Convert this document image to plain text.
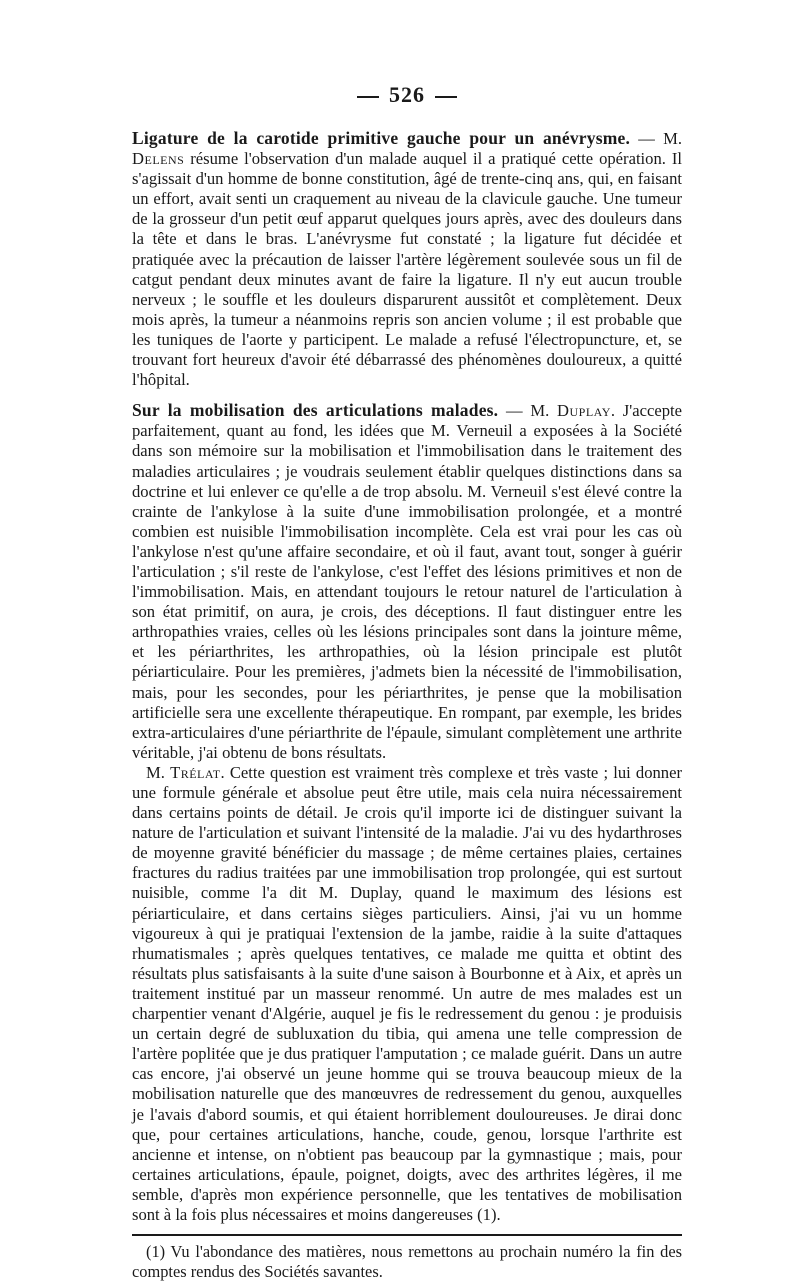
526

Ligature de la carotide primitive gauche pour un anévrysme. — M. Delens résume l'observation d'un malade auquel il a pratiqué cette opération. Il s'agissait d'un homme de bonne constitution, âgé de trente-cinq ans, qui, en faisant un effort, avait senti un craquement au niveau de la clavicule gauche. Une tumeur de la grosseur d'un petit œuf apparut quelques jours après, avec des douleurs dans la tête et dans le bras. L'anévrysme fut constaté ; la ligature fut décidée et pratiquée avec la précaution de laisser l'artère légèrement soulevée sous un fil de catgut pendant deux minutes avant de faire la ligature. Il n'y eut aucun trouble nerveux ; le souffle et les douleurs disparurent aussitôt et complètement. Deux mois après, la tumeur a néanmoins repris son ancien volume ; il est probable que les tuniques de l'aorte y participent. Le malade a refusé l'électropuncture, et, se trouvant fort heureux d'avoir été débarrassé des phénomènes douloureux, a quitté l'hôpital.

Sur la mobilisation des articulations malades. — M. Duplay. J'accepte parfaitement, quant au fond, les idées que M. Verneuil a exposées à la Société dans son mémoire sur la mobilisation et l'immobilisation dans le traitement des maladies articulaires ; je voudrais seulement établir quelques distinctions dans sa doctrine et lui enlever ce qu'elle a de trop absolu. M. Verneuil s'est élevé contre la crainte de l'ankylose à la suite d'une immobilisation prolongée, et a montré combien est nuisible l'immobilisation incomplète. Cela est vrai pour les cas où l'ankylose n'est qu'une affaire secondaire, et où il faut, avant tout, songer à guérir l'articulation ; s'il reste de l'ankylose, c'est l'effet des lésions primitives et non de l'immobilisation. Mais, en attendant toujours le retour naturel de l'articulation à son état primitif, on aura, je crois, des déceptions. Il faut distinguer entre les arthropathies vraies, celles où les lésions principales sont dans la jointure même, et les périarthrites, les arthropathies, où la lésion principale est plutôt périarticulaire. Pour les premières, j'admets bien la nécessité de l'immobilisation, mais, pour les secondes, pour les périarthrites, je pense que la mobilisation artificielle sera une excellente thérapeutique. En rompant, par exemple, les brides extra-articulaires d'une périarthrite de l'épaule, simulant complètement une arthrite véritable, j'ai obtenu de bons résultats.

M. Trélat. Cette question est vraiment très complexe et très vaste ; lui donner une formule générale et absolue peut être utile, mais cela nuira nécessairement dans certains points de détail. Je crois qu'il importe ici de distinguer suivant la nature de l'articulation et suivant l'intensité de la maladie. J'ai vu des hydarthroses de moyenne gravité bénéficier du massage ; de même certaines plaies, certaines fractures du radius traitées par une immobilisation trop prolongée, qui est surtout nuisible, comme l'a dit M. Duplay, quand le maximum des lésions est périarticulaire, et dans certains sièges particuliers. Ainsi, j'ai vu un homme vigoureux à qui je pratiquai l'extension de la jambe, raidie à la suite d'attaques rhumatismales ; après quelques tentatives, ce malade me quitta et obtint des résultats plus satisfaisants à la suite d'une saison à Bourbonne et à Aix, et après un traitement institué par un masseur renommé. Un autre de mes malades est un charpentier venant d'Algérie, auquel je fis le redressement du genou : je produisis un certain degré de subluxation du tibia, qui amena une telle compression de l'artère poplitée que je dus pratiquer l'amputation ; ce malade guérit. Dans un autre cas encore, j'ai observé un jeune homme qui se trouva beaucoup mieux de la mobilisation naturelle que des manœuvres de redressement du genou, auxquelles je l'avais d'abord soumis, et qui étaient horriblement douloureuses. Je dirai donc que, pour certaines articulations, hanche, coude, genou, lorsque l'arthrite est ancienne et intense, on n'obtient pas beaucoup par la gymnastique ; mais, pour certaines articulations, épaule, poignet, doigts, avec des arthrites légères, il me semble, d'après mon expérience personnelle, que les tentatives de mobilisation sont à la fois plus nécessaires et moins dangereuses (1).

(1) Vu l'abondance des matières, nous remettons au prochain numéro la fin des comptes rendus des Sociétés savantes.
